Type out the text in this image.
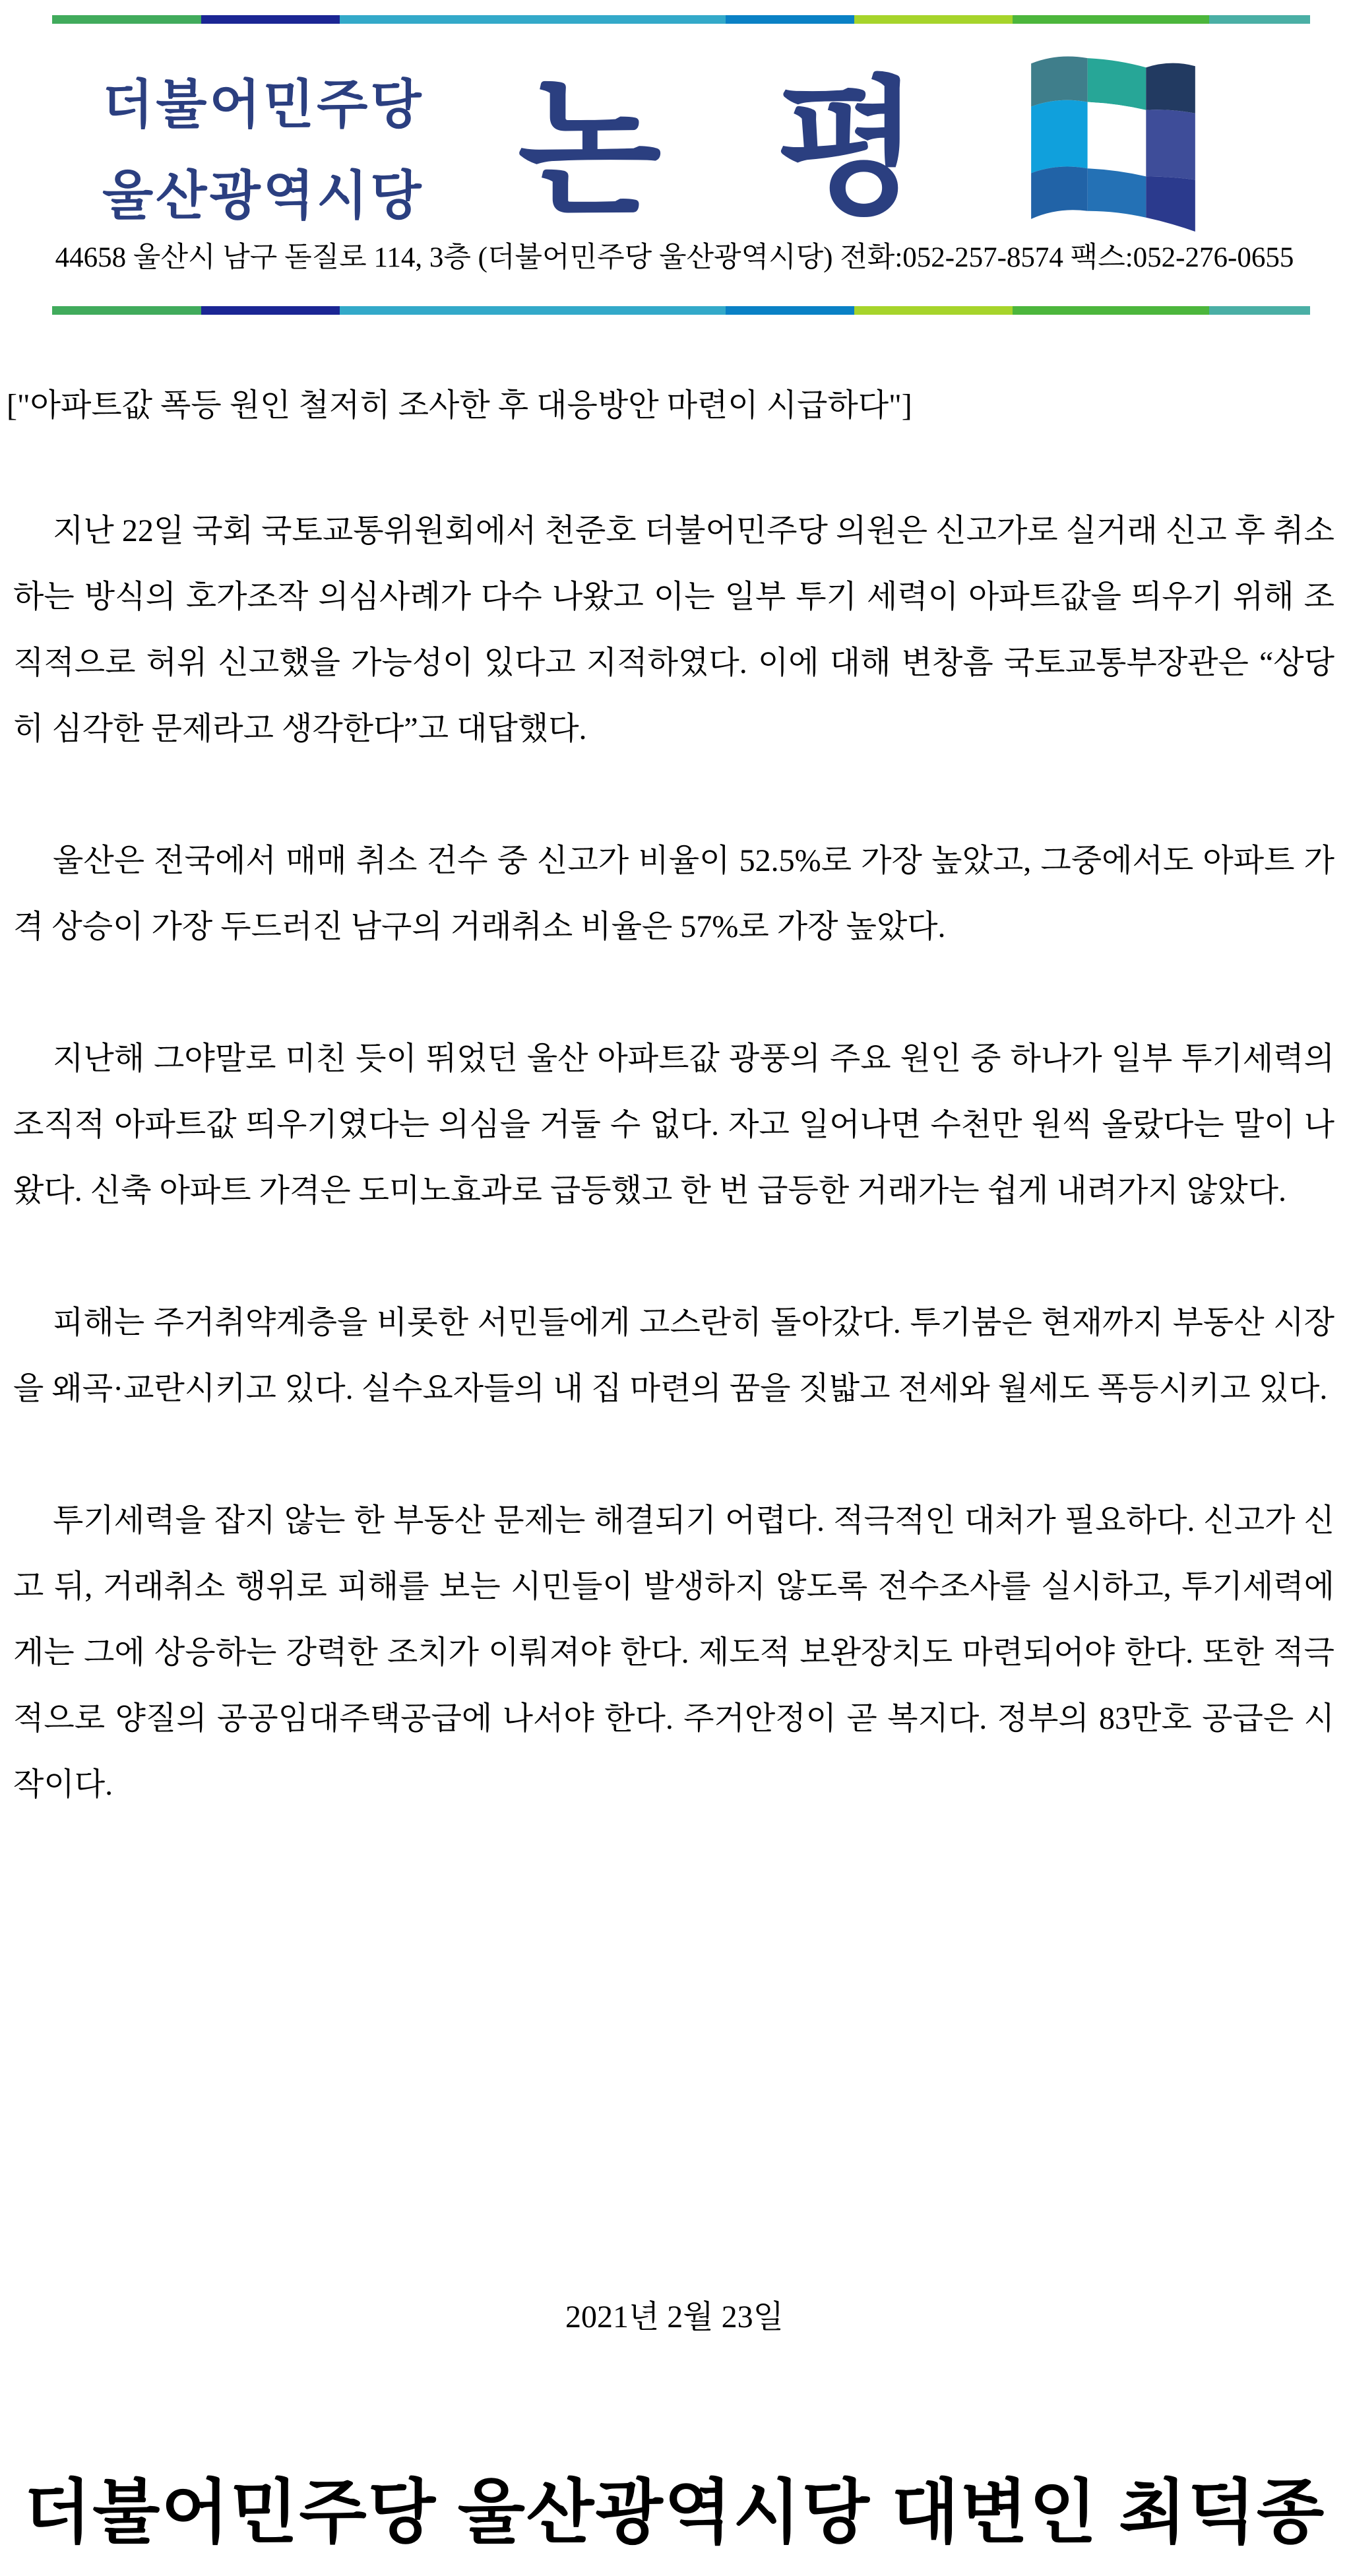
더불어민주당
울산광역시당 논 평
44658 울산시 남구 돋질로 114, 3층 (더불어민주당 울산광역시당) 전화:052-257-8574 팩스:052-276-0655
["아파트값 폭등 원인 철저히 조사한 후 대응방안 마련이 시급하다"]

지난 22일 국회 국토교통위원회에서 천준호 더불어민주당 의원은 신고가로 실거래 신고 후 취소하는 방식의 호가조작 의심사례가 다수 나왔고 이는 일부 투기 세력이 아파트값을 띄우기 위해 조직적으로 허위 신고했을 가능성이 있다고 지적하였다. 이에 대해 변창흠 국토교통부장관은 “상당히 심각한 문제라고 생각한다”고 대답했다.

울산은 전국에서 매매 취소 건수 중 신고가 비율이 52.5%로 가장 높았고, 그중에서도 아파트 가격 상승이 가장 두드러진 남구의 거래취소 비율은 57%로 가장 높았다.

지난해 그야말로 미친 듯이 뛰었던 울산 아파트값 광풍의 주요 원인 중 하나가 일부 투기세력의 조직적 아파트값 띄우기였다는 의심을 거둘 수 없다. 자고 일어나면 수천만 원씩 올랐다는 말이 나왔다. 신축 아파트 가격은 도미노효과로 급등했고 한 번 급등한 거래가는 쉽게 내려가지 않았다.

피해는 주거취약계층을 비롯한 서민들에게 고스란히 돌아갔다. 투기붐은 현재까지 부동산 시장을 왜곡·교란시키고 있다. 실수요자들의 내 집 마련의 꿈을 짓밟고 전세와 월세도 폭등시키고 있다.

투기세력을 잡지 않는 한 부동산 문제는 해결되기 어렵다. 적극적인 대처가 필요하다. 신고가 신고 뒤, 거래취소 행위로 피해를 보는 시민들이 발생하지 않도록 전수조사를 실시하고, 투기세력에게는 그에 상응하는 강력한 조치가 이뤄져야 한다. 제도적 보완장치도 마련되어야 한다. 또한 적극적으로 양질의 공공임대주택공급에 나서야 한다. 주거안정이 곧 복지다. 정부의 83만호 공급은 시작이다.

2021년 2월 23일
더불어민주당 울산광역시당 대변인 최덕종
